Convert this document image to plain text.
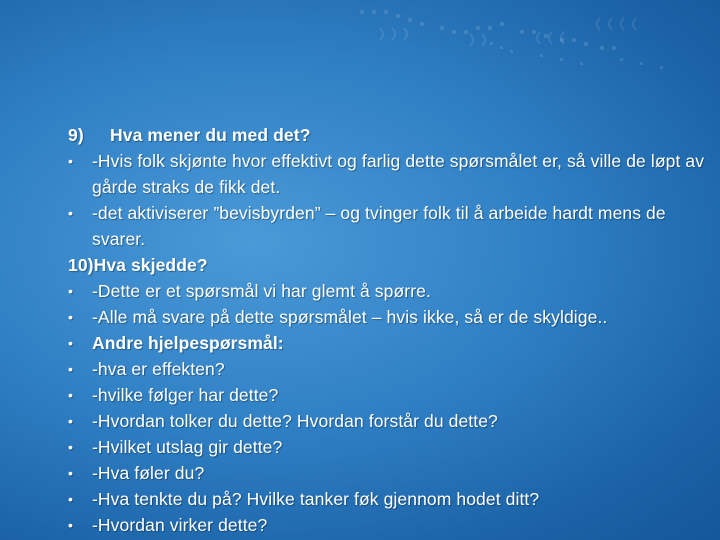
9) Hva mener du med det?
•	-Hvis folk skjønte hvor effektivt og farlig dette spørsmålet er, så ville de løpt av gårde straks de fikk det.
•	-det aktiviserer ”bevisbyrden” – og tvinger folk til å arbeide hardt mens de svarer.
10)Hva skjedde?
•	-Dette er et spørsmål vi har glemt å spørre.
•	-Alle må svare på dette spørsmålet – hvis ikke, så er de skyldige..
•	Andre hjelpespørsmål:
•	-hva er effekten?
•	-hvilke følger har dette?
•	-Hvordan tolker du dette? Hvordan forstår du dette?
•	-Hvilket utslag gir dette?
•	-Hva føler du?
•	-Hva tenkte du på? Hvilke tanker føk gjennom hodet ditt?
•	-Hvordan virker dette?
